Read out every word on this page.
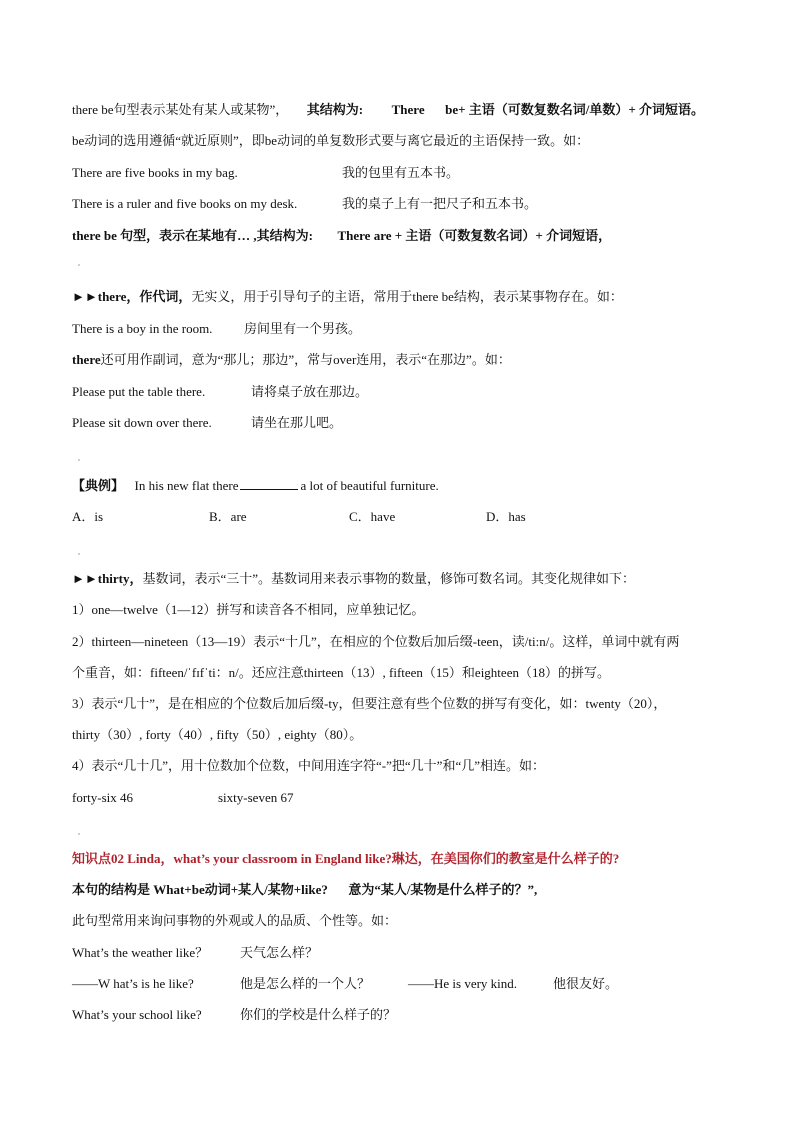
there be句型表示某处有某人或某物”， 其结构为: There be+ 主语（可数复数名词/单数）+ 介词短语。
be动词的选用遵循“就近原则”，即be动词的单复数形式要与离它最近的主语保持一致。如：
There are five books in my bag.	我的包里有五本书。
There is a ruler and five books on my desk.	我的桌子上有一把尺子和五本书。
there be 句型，表示在某地有… ,其结构为: There are + 主语（可数复数名词）+ 介词短语，
►►there，作代词，无实义，用于引导句子的主语，常用于there be结构，表示某事物存在。如：
There is a boy in the room. 房间里有一个男孩。
there还可用作副词，意为“那儿；那边”，常与over连用，表示“在那边”。如：
Please put the table there.	请将桌子放在那边。
Please sit down over there.	请坐在那儿吧。
【典例】 In his new flat there	a lot of beautiful furniture.
A．is	B．are	C．have	D．has
►►thirty，基数词，表示“三十”。基数词用来表示事物的数量，修饰可数名词。其变化规律如下：
1）one—twelve（1—12）拼写和读音各不相同，应单独记忆。
2）thirteen—nineteen（13—19）表示“十几”，在相应的个位数后加后缀-teen，读/ti:n/。这样，单词中就有两
个重音，如：fifteen/ˈfɪfˈti：n/。还应注意thirteen（13）, fifteen（15）和eighteen（18）的拼写。
3）表示“几十”，是在相应的个位数后加后缀-ty，但要注意有些个位数的拼写有变化，如：twenty（20），
thirty（30）, forty（40）, fifty（50）, eighty（80）。
4）表示“几十几”，用十位数加个位数，中间用连字符“-”把“几十”和“几”相连。如：
forty-six 46	sixty-seven 67
知识点02 Linda，what’s your classroom in England like?琳达，在美国你们的教室是什么样子的?
本句的结构是 What+be动词+某人/某物+like? 意为“某人/某物是什么样子的？”,
此句型常用来询问事物的外观或人的品质、个性等。如：
What’s the weather like？ 天气怎么样？
——W hat’s is he like?	他是怎么样的一个人？	——He is very kind.	他很友好。
What’s your school like?	你们的学校是什么样子的？
